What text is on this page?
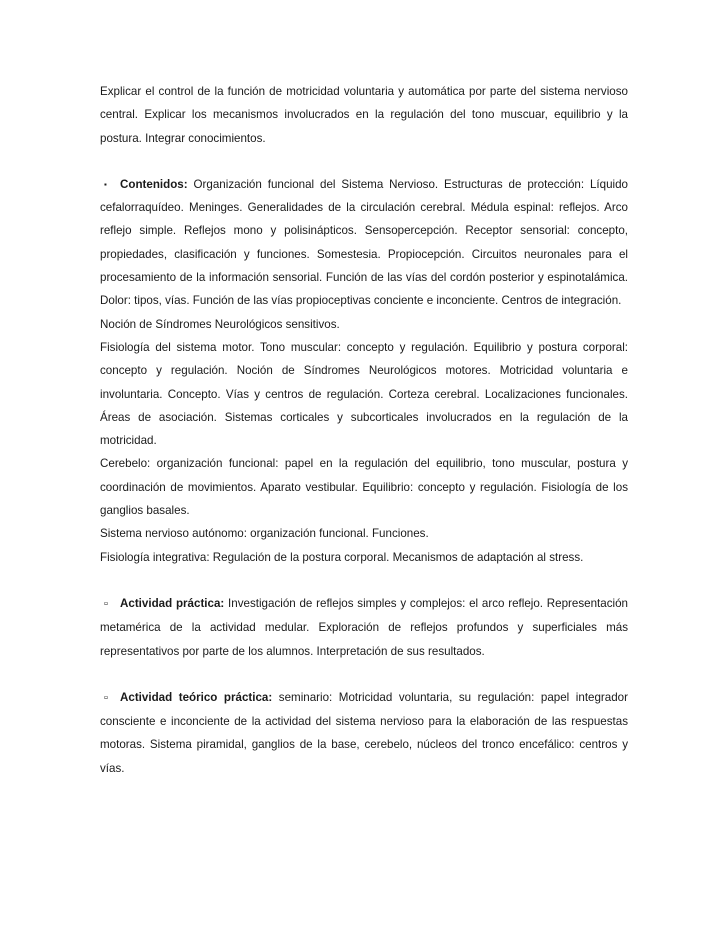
Explicar el control de la función de motricidad voluntaria y automática por parte del sistema nervioso central. Explicar los mecanismos involucrados en la regulación del tono muscuar, equilibrio y la postura. Integrar conocimientos.

▪ Contenidos: Organización funcional del Sistema Nervioso. Estructuras de protección: Líquido cefalorraquídeo. Meninges. Generalidades de la circulación cerebral. Médula espinal: reflejos. Arco reflejo simple. Reflejos mono y polisinápticos. Sensopercepción. Receptor sensorial: concepto, propiedades, clasificación y funciones. Somestesia. Propiocepción. Circuitos neuronales para el procesamiento de la información sensorial. Función de las vías del cordón posterior y espinotalámica. Dolor: tipos, vías. Función de las vías propioceptivas conciente e inconciente. Centros de integración.

Noción de Síndromes Neurológicos sensitivos.

Fisiología del sistema motor. Tono muscular: concepto y regulación. Equilibrio y postura corporal: concepto y regulación. Noción de Síndromes Neurológicos motores. Motricidad voluntaria e involuntaria. Concepto. Vías y centros de regulación. Corteza cerebral. Localizaciones funcionales. Áreas de asociación. Sistemas corticales y subcorticales involucrados en la regulación de la motricidad.

Cerebelo: organización funcional: papel en la regulación del equilibrio, tono muscular, postura y coordinación de movimientos. Aparato vestibular. Equilibrio: concepto y regulación. Fisiología de los ganglios basales.

Sistema nervioso autónomo: organización funcional. Funciones.

Fisiología integrativa: Regulación de la postura corporal. Mecanismos de adaptación al stress.

▫ Actividad práctica: Investigación de reflejos simples y complejos: el arco reflejo. Representación metamérica de la actividad medular. Exploración de reflejos profundos y superficiales más representativos por parte de los alumnos. Interpretación de sus resultados.

▫ Actividad teórico práctica: seminario: Motricidad voluntaria, su regulación: papel integrador consciente e inconciente de la actividad del sistema nervioso para la elaboración de las respuestas motoras. Sistema piramidal, ganglios de la base, cerebelo, núcleos del tronco encefálico: centros y vías.
